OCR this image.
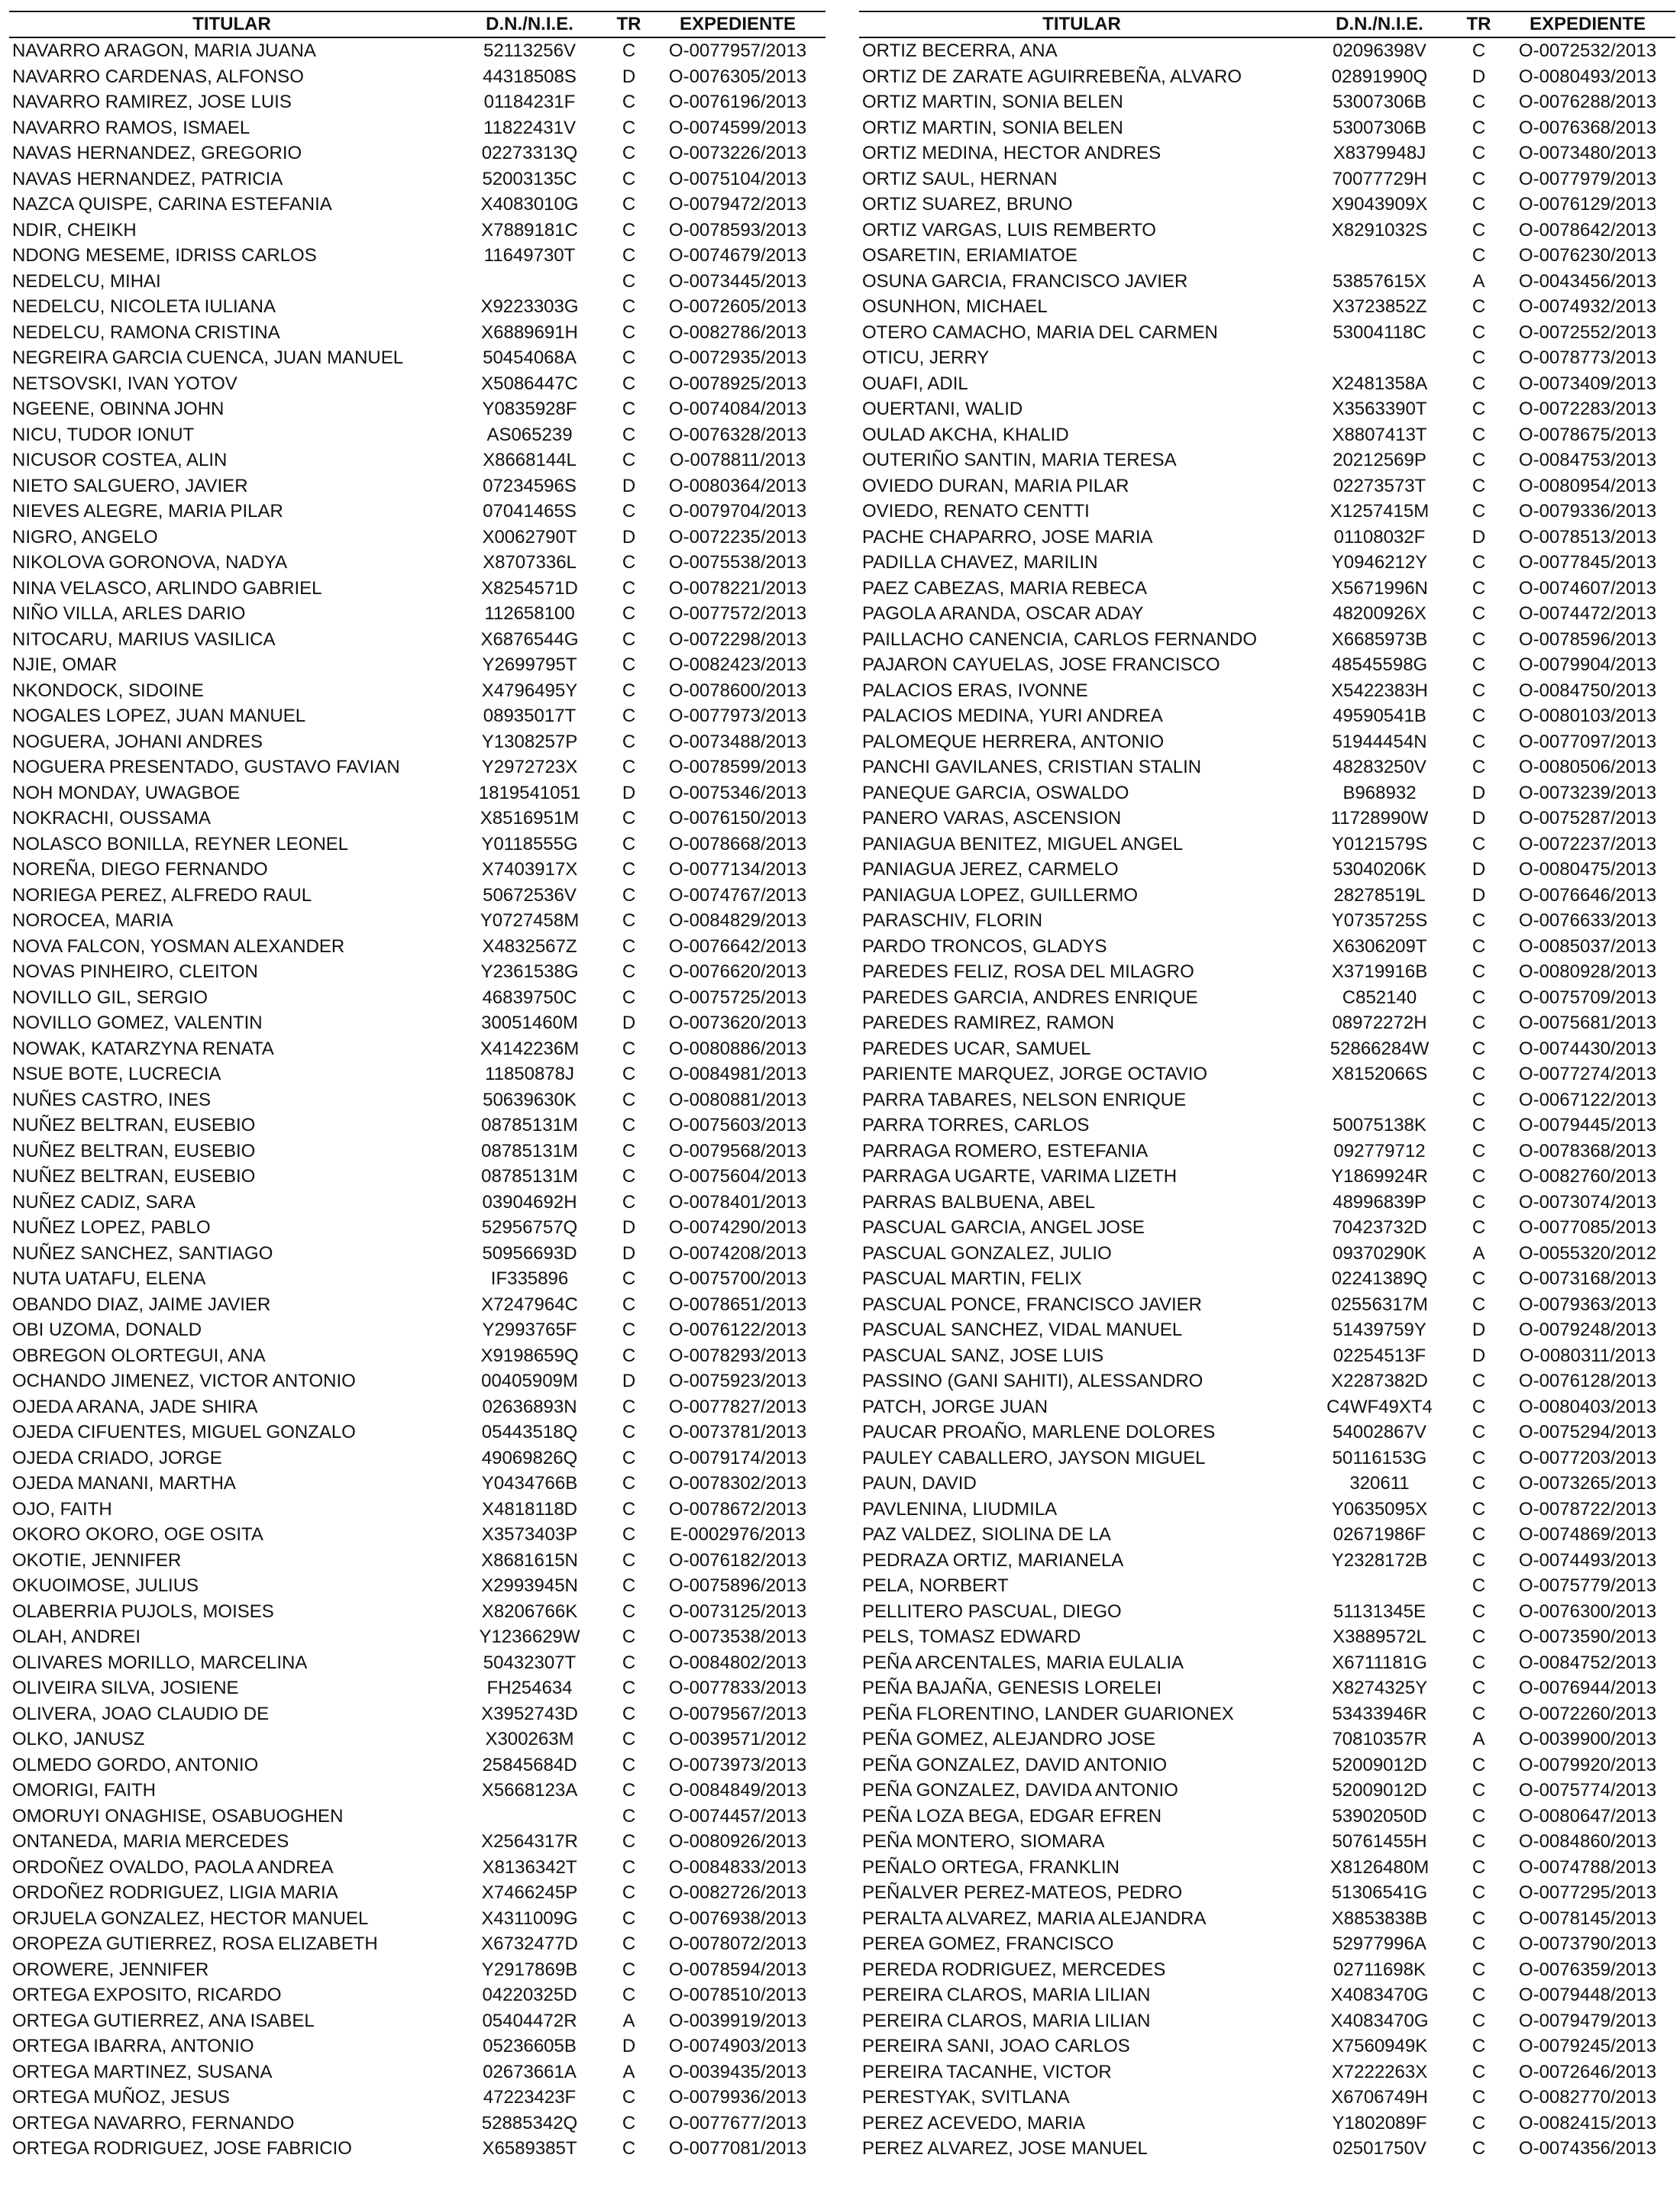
TITULAR	D.N./N.I.E.	TR	EXPEDIENTE
NAVARRO ARAGON, MARIA JUANA	52113256V	C	O-0077957/2013
NAVARRO CARDENAS, ALFONSO	44318508S	D	O-0076305/2013
NAVARRO RAMIREZ, JOSE LUIS	01184231F	C	O-0076196/2013
NAVARRO RAMOS, ISMAEL	11822431V	C	O-0074599/2013
NAVAS HERNANDEZ, GREGORIO	02273313Q	C	O-0073226/2013
NAVAS HERNANDEZ, PATRICIA	52003135C	C	O-0075104/2013
NAZCA QUISPE, CARINA ESTEFANIA	X4083010G	C	O-0079472/2013
NDIR, CHEIKH	X7889181C	C	O-0078593/2013
NDONG MESEME, IDRISS CARLOS	11649730T	C	O-0074679/2013
NEDELCU, MIHAI		C	O-0073445/2013
NEDELCU, NICOLETA IULIANA	X9223303G	C	O-0072605/2013
NEDELCU, RAMONA CRISTINA	X6889691H	C	O-0082786/2013
NEGREIRA GARCIA CUENCA, JUAN MANUEL	50454068A	C	O-0072935/2013
NETSOVSKI, IVAN YOTOV	X5086447C	C	O-0078925/2013
NGEENE, OBINNA JOHN	Y0835928F	C	O-0074084/2013
NICU, TUDOR IONUT	AS065239	C	O-0076328/2013
NICUSOR COSTEA, ALIN	X8668144L	C	O-0078811/2013
NIETO SALGUERO, JAVIER	07234596S	D	O-0080364/2013
NIEVES ALEGRE, MARIA PILAR	07041465S	C	O-0079704/2013
NIGRO, ANGELO	X0062790T	D	O-0072235/2013
NIKOLOVA GORONOVA, NADYA	X8707336L	C	O-0075538/2013
NINA VELASCO, ARLINDO GABRIEL	X8254571D	C	O-0078221/2013
NIÑO VILLA, ARLES DARIO	112658100	C	O-0077572/2013
NITOCARU, MARIUS VASILICA	X6876544G	C	O-0072298/2013
NJIE, OMAR	Y2699795T	C	O-0082423/2013
NKONDOCK, SIDOINE	X4796495Y	C	O-0078600/2013
NOGALES LOPEZ, JUAN MANUEL	08935017T	C	O-0077973/2013
NOGUERA, JOHANI ANDRES	Y1308257P	C	O-0073488/2013
NOGUERA PRESENTADO, GUSTAVO FAVIAN	Y2972723X	C	O-0078599/2013
NOH MONDAY, UWAGBOE	1819541051	D	O-0075346/2013
NOKRACHI, OUSSAMA	X8516951M	C	O-0076150/2013
NOLASCO BONILLA, REYNER LEONEL	Y0118555G	C	O-0078668/2013
NOREÑA, DIEGO FERNANDO	X7403917X	C	O-0077134/2013
NORIEGA PEREZ, ALFREDO RAUL	50672536V	C	O-0074767/2013
NOROCEA, MARIA	Y0727458M	C	O-0084829/2013
NOVA FALCON, YOSMAN ALEXANDER	X4832567Z	C	O-0076642/2013
NOVAS PINHEIRO, CLEITON	Y2361538G	C	O-0076620/2013
NOVILLO GIL, SERGIO	46839750C	C	O-0075725/2013
NOVILLO GOMEZ, VALENTIN	30051460M	D	O-0073620/2013
NOWAK, KATARZYNA RENATA	X4142236M	C	O-0080886/2013
NSUE BOTE, LUCRECIA	11850878J	C	O-0084981/2013
NUÑES CASTRO, INES	50639630K	C	O-0080881/2013
NUÑEZ BELTRAN, EUSEBIO	08785131M	C	O-0075603/2013
NUÑEZ BELTRAN, EUSEBIO	08785131M	C	O-0079568/2013
NUÑEZ BELTRAN, EUSEBIO	08785131M	C	O-0075604/2013
NUÑEZ CADIZ, SARA	03904692H	C	O-0078401/2013
NUÑEZ LOPEZ, PABLO	52956757Q	D	O-0074290/2013
NUÑEZ SANCHEZ, SANTIAGO	50956693D	D	O-0074208/2013
NUTA UATAFU, ELENA	IF335896	C	O-0075700/2013
OBANDO DIAZ, JAIME JAVIER	X7247964C	C	O-0078651/2013
OBI UZOMA, DONALD	Y2993765F	C	O-0076122/2013
OBREGON OLORTEGUI, ANA	X9198659Q	C	O-0078293/2013
OCHANDO JIMENEZ, VICTOR ANTONIO	00405909M	D	O-0075923/2013
OJEDA ARANA, JADE SHIRA	02636893N	C	O-0077827/2013
OJEDA CIFUENTES, MIGUEL GONZALO	05443518Q	C	O-0073781/2013
OJEDA CRIADO, JORGE	49069826Q	C	O-0079174/2013
OJEDA MANANI, MARTHA	Y0434766B	C	O-0078302/2013
OJO, FAITH	X4818118D	C	O-0078672/2013
OKORO OKORO, OGE OSITA	X3573403P	C	E-0002976/2013
OKOTIE, JENNIFER	X8681615N	C	O-0076182/2013
OKUOIMOSE, JULIUS	X2993945N	C	O-0075896/2013
OLABERRIA PUJOLS, MOISES	X8206766K	C	O-0073125/2013
OLAH, ANDREI	Y1236629W	C	O-0073538/2013
OLIVARES MORILLO, MARCELINA	50432307T	C	O-0084802/2013
OLIVEIRA SILVA, JOSIENE	FH254634	C	O-0077833/2013
OLIVERA, JOAO CLAUDIO DE	X3952743D	C	O-0079567/2013
OLKO, JANUSZ	X300263M	C	O-0039571/2012
OLMEDO GORDO, ANTONIO	25845684D	C	O-0073973/2013
OMORIGI, FAITH	X5668123A	C	O-0084849/2013
OMORUYI ONAGHISE, OSABUOGHEN		C	O-0074457/2013
ONTANEDA, MARIA MERCEDES	X2564317R	C	O-0080926/2013
ORDOÑEZ OVALDO, PAOLA ANDREA	X8136342T	C	O-0084833/2013
ORDOÑEZ RODRIGUEZ, LIGIA MARIA	X7466245P	C	O-0082726/2013
ORJUELA GONZALEZ, HECTOR MANUEL	X4311009G	C	O-0076938/2013
OROPEZA GUTIERREZ, ROSA ELIZABETH	X6732477D	C	O-0078072/2013
OROWERE, JENNIFER	Y2917869B	C	O-0078594/2013
ORTEGA EXPOSITO, RICARDO	04220325D	C	O-0078510/2013
ORTEGA GUTIERREZ, ANA ISABEL	05404472R	A	O-0039919/2013
ORTEGA IBARRA, ANTONIO	05236605B	D	O-0074903/2013
ORTEGA MARTINEZ, SUSANA	02673661A	A	O-0039435/2013
ORTEGA MUÑOZ, JESUS	47223423F	C	O-0079936/2013
ORTEGA NAVARRO, FERNANDO	52885342Q	C	O-0077677/2013
ORTEGA RODRIGUEZ, JOSE FABRICIO	X6589385T	C	O-0077081/2013
TITULAR	D.N./N.I.E.	TR	EXPEDIENTE
ORTIZ BECERRA, ANA	02096398V	C	O-0072532/2013
ORTIZ DE ZARATE AGUIRREBEÑA, ALVARO	02891990Q	D	O-0080493/2013
ORTIZ MARTIN, SONIA BELEN	53007306B	C	O-0076288/2013
ORTIZ MARTIN, SONIA BELEN	53007306B	C	O-0076368/2013
ORTIZ MEDINA, HECTOR ANDRES	X8379948J	C	O-0073480/2013
ORTIZ SAUL, HERNAN	70077729H	C	O-0077979/2013
ORTIZ SUAREZ, BRUNO	X9043909X	C	O-0076129/2013
ORTIZ VARGAS, LUIS REMBERTO	X8291032S	C	O-0078642/2013
OSARETIN, ERIAMIATOE		C	O-0076230/2013
OSUNA GARCIA, FRANCISCO JAVIER	53857615X	A	O-0043456/2013
OSUNHON, MICHAEL	X3723852Z	C	O-0074932/2013
OTERO CAMACHO, MARIA DEL CARMEN	53004118C	C	O-0072552/2013
OTICU, JERRY		C	O-0078773/2013
OUAFI, ADIL	X2481358A	C	O-0073409/2013
OUERTANI, WALID	X3563390T	C	O-0072283/2013
OULAD AKCHA, KHALID	X8807413T	C	O-0078675/2013
OUTERIÑO SANTIN, MARIA TERESA	20212569P	C	O-0084753/2013
OVIEDO DURAN, MARIA PILAR	02273573T	C	O-0080954/2013
OVIEDO, RENATO CENTTI	X1257415M	C	O-0079336/2013
PACHE CHAPARRO, JOSE MARIA	01108032F	D	O-0078513/2013
PADILLA CHAVEZ, MARILIN	Y0946212Y	C	O-0077845/2013
PAEZ CABEZAS, MARIA REBECA	X5671996N	C	O-0074607/2013
PAGOLA ARANDA, OSCAR ADAY	48200926X	C	O-0074472/2013
PAILLACHO CANENCIA, CARLOS FERNANDO	X6685973B	C	O-0078596/2013
PAJARON CAYUELAS, JOSE FRANCISCO	48545598G	C	O-0079904/2013
PALACIOS ERAS, IVONNE	X5422383H	C	O-0084750/2013
PALACIOS MEDINA, YURI ANDREA	49590541B	C	O-0080103/2013
PALOMEQUE HERRERA, ANTONIO	51944454N	C	O-0077097/2013
PANCHI GAVILANES, CRISTIAN STALIN	48283250V	C	O-0080506/2013
PANEQUE GARCIA, OSWALDO	B968932	D	O-0073239/2013
PANERO VARAS, ASCENSION	11728990W	D	O-0075287/2013
PANIAGUA BENITEZ, MIGUEL ANGEL	Y0121579S	C	O-0072237/2013
PANIAGUA JEREZ, CARMELO	53040206K	D	O-0080475/2013
PANIAGUA LOPEZ, GUILLERMO	28278519L	D	O-0076646/2013
PARASCHIV, FLORIN	Y0735725S	C	O-0076633/2013
PARDO TRONCOS, GLADYS	X6306209T	C	O-0085037/2013
PAREDES FELIZ, ROSA DEL MILAGRO	X3719916B	C	O-0080928/2013
PAREDES GARCIA, ANDRES ENRIQUE	C852140	C	O-0075709/2013
PAREDES RAMIREZ, RAMON	08972272H	C	O-0075681/2013
PAREDES UCAR, SAMUEL	52866284W	C	O-0074430/2013
PARIENTE MARQUEZ, JORGE OCTAVIO	X8152066S	C	O-0077274/2013
PARRA TABARES, NELSON ENRIQUE		C	O-0067122/2013
PARRA TORRES, CARLOS	50075138K	C	O-0079445/2013
PARRAGA ROMERO, ESTEFANIA	092779712	C	O-0078368/2013
PARRAGA UGARTE, VARIMA LIZETH	Y1869924R	C	O-0082760/2013
PARRAS BALBUENA, ABEL	48996839P	C	O-0073074/2013
PASCUAL GARCIA, ANGEL JOSE	70423732D	C	O-0077085/2013
PASCUAL GONZALEZ, JULIO	09370290K	A	O-0055320/2012
PASCUAL MARTIN, FELIX	02241389Q	C	O-0073168/2013
PASCUAL PONCE, FRANCISCO JAVIER	02556317M	C	O-0079363/2013
PASCUAL SANCHEZ, VIDAL MANUEL	51439759Y	D	O-0079248/2013
PASCUAL SANZ, JOSE LUIS	02254513F	D	O-0080311/2013
PASSINO (GANI SAHITI), ALESSANDRO	X2287382D	C	O-0076128/2013
PATCH, JORGE JUAN	C4WF49XT4	C	O-0080403/2013
PAUCAR PROAÑO, MARLENE DOLORES	54002867V	C	O-0075294/2013
PAULEY CABALLERO, JAYSON MIGUEL	50116153G	C	O-0077203/2013
PAUN, DAVID	320611	C	O-0073265/2013
PAVLENINA, LIUDMILA	Y0635095X	C	O-0078722/2013
PAZ VALDEZ, SIOLINA DE LA	02671986F	C	O-0074869/2013
PEDRAZA ORTIZ, MARIANELA	Y2328172B	C	O-0074493/2013
PELA, NORBERT		C	O-0075779/2013
PELLITERO PASCUAL, DIEGO	51131345E	C	O-0076300/2013
PELS, TOMASZ EDWARD	X3889572L	C	O-0073590/2013
PEÑA ARCENTALES, MARIA EULALIA	X6711181G	C	O-0084752/2013
PEÑA BAJAÑA, GENESIS LORELEI	X8274325Y	C	O-0076944/2013
PEÑA FLORENTINO, LANDER GUARIONEX	53433946R	C	O-0072260/2013
PEÑA GOMEZ, ALEJANDRO JOSE	70810357R	A	O-0039900/2013
PEÑA GONZALEZ, DAVID ANTONIO	52009012D	C	O-0079920/2013
PEÑA GONZALEZ, DAVIDA ANTONIO	52009012D	C	O-0075774/2013
PEÑA LOZA BEGA, EDGAR EFREN	53902050D	C	O-0080647/2013
PEÑA MONTERO, SIOMARA	50761455H	C	O-0084860/2013
PEÑALO ORTEGA, FRANKLIN	X8126480M	C	O-0074788/2013
PEÑALVER PEREZ-MATEOS, PEDRO	51306541G	C	O-0077295/2013
PERALTA ALVAREZ, MARIA ALEJANDRA	X8853838B	C	O-0078145/2013
PEREA GOMEZ, FRANCISCO	52977996A	C	O-0073790/2013
PEREDA RODRIGUEZ, MERCEDES	02711698K	C	O-0076359/2013
PEREIRA CLAROS, MARIA LILIAN	X4083470G	C	O-0079448/2013
PEREIRA CLAROS, MARIA LILIAN	X4083470G	C	O-0079479/2013
PEREIRA SANI, JOAO CARLOS	X7560949K	C	O-0079245/2013
PEREIRA TACANHE, VICTOR	X7222263X	C	O-0072646/2013
PERESTYAK, SVITLANA	X6706749H	C	O-0082770/2013
PEREZ ACEVEDO, MARIA	Y1802089F	C	O-0082415/2013
PEREZ ALVAREZ, JOSE MANUEL	02501750V	C	O-0074356/2013
